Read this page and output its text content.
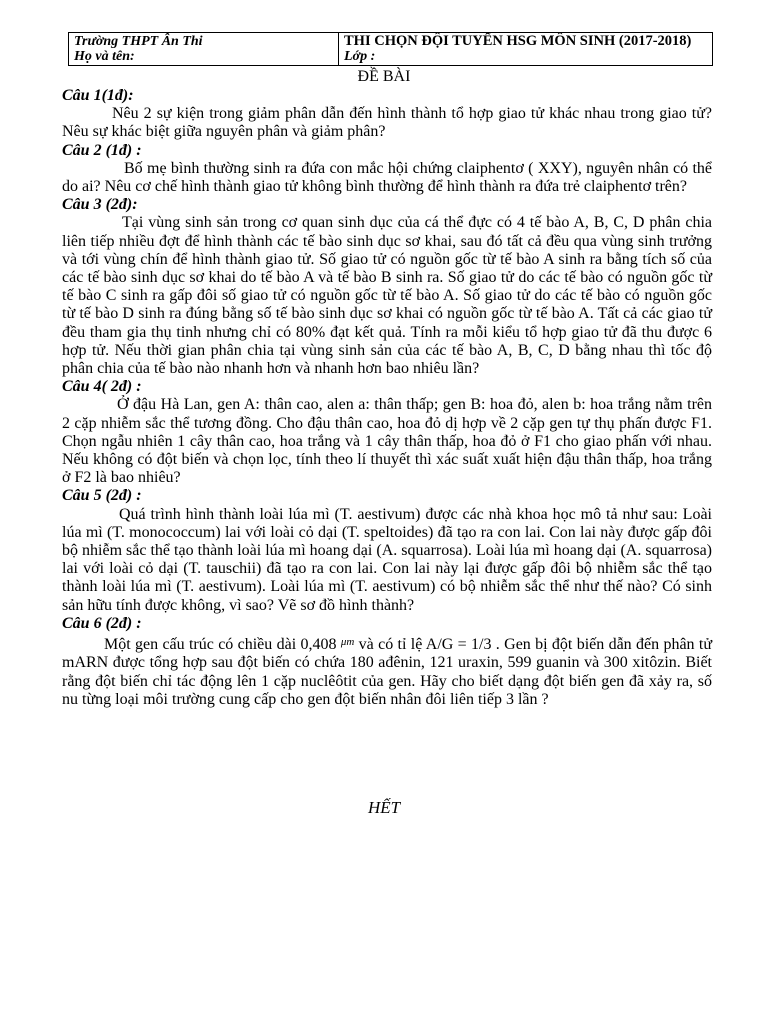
Trường THPT Ân Thi
Họ và tên:
THI CHỌN ĐỘI TUYỂN HSG MÔN SINH (2017-2018)
Lớp :
ĐỀ BÀI

Câu 1(1đ):

Nêu 2 sự kiện trong giảm phân dẫn đến hình thành tổ hợp giao tử khác nhau trong giao tử? Nêu sự khác biệt giữa nguyên phân và giảm phân?

Câu 2 (1đ) :

Bố mẹ bình thường sinh ra đứa con mắc hội chứng claiphentơ ( XXY), nguyên nhân có thể do ai? Nêu cơ chế hình thành giao tử không bình thường để hình thành ra đứa trẻ claiphentơ trên?

Câu 3 (2đ):

Tại vùng sinh sản trong cơ quan sinh dục của cá thể đực có 4 tế bào A, B, C, D phân chia liên tiếp nhiều đợt để hình thành các tế bào sinh dục sơ khai, sau đó tất cả đều qua vùng sinh trưởng và tới vùng chín để hình thành giao tử. Số giao tử có nguồn gốc từ tế bào A sinh ra bằng tích số của các tế bào sinh dục sơ khai do tế bào A và tế bào B sinh ra. Số giao tử do các tế bào có nguồn gốc từ tế bào C sinh ra gấp đôi số giao tử có nguồn gốc từ tế bào A. Số giao tử do các tế bào có nguồn gốc từ tế bào D sinh ra đúng bằng số tế bào sinh dục sơ khai có nguồn gốc từ tế bào A. Tất cả các giao tử đều tham gia thụ tinh nhưng chỉ có 80% đạt kết quả. Tính ra mỗi kiểu tổ hợp giao tử đã thu được 6 hợp tử. Nếu thời gian phân chia tại vùng sinh sản của các tế bào A, B, C, D bằng nhau thì tốc độ phân chia của tế bào nào nhanh hơn và nhanh hơn bao nhiêu lần?

Câu 4( 2đ) :

Ở đậu Hà Lan, gen A: thân cao, alen a: thân thấp; gen B: hoa đỏ, alen b: hoa trắng nằm trên 2 cặp nhiễm sắc thể tương đồng. Cho đậu thân cao, hoa đỏ dị hợp về 2 cặp gen tự thụ phấn được F1. Chọn ngẫu nhiên 1 cây thân cao, hoa trắng và 1 cây thân thấp, hoa đỏ ở F1 cho giao phấn với nhau. Nếu không có đột biến và chọn lọc, tính theo lí thuyết thì xác suất xuất hiện đậu thân thấp, hoa trắng ở F2 là bao nhiêu?

Câu 5 (2đ) :

Quá trình hình thành loài lúa mì (T. aestivum) được các nhà khoa học mô tả như sau: Loài lúa mì (T. monococcum) lai với loài cỏ dại (T. speltoides) đã tạo ra con lai. Con lai này được gấp đôi bộ nhiễm sắc thể tạo thành loài lúa mì hoang dại (A. squarrosa). Loài lúa mì hoang dại (A. squarrosa) lai với loài cỏ dại (T. tauschii) đã tạo ra con lai. Con lai này lại được gấp đôi bộ nhiễm sắc thể tạo thành loài lúa mì (T. aestivum). Loài lúa mì (T. aestivum) có bộ nhiễm sắc thể như thế nào? Có sinh sản hữu tính được không, vì sao? Vẽ sơ đồ hình thành?

Câu 6 (2đ) :

Một gen cấu trúc có chiều dài 0,408 $^{\mu m}$ và có tỉ lệ A/G = 1/3 . Gen bị đột biến dẫn đến phân tử mARN được tổng hợp sau đột biến có chứa 180 ađênin, 121 uraxin, 599 guanin và 300 xitôzin. Biết rằng đột biến chỉ tác động lên 1 cặp nuclêôtit của gen. Hãy cho biết dạng đột biến gen đã xảy ra, số nu từng loại môi trường cung cấp cho gen đột biến nhân đôi liên tiếp 3 lần ?

HẾT
